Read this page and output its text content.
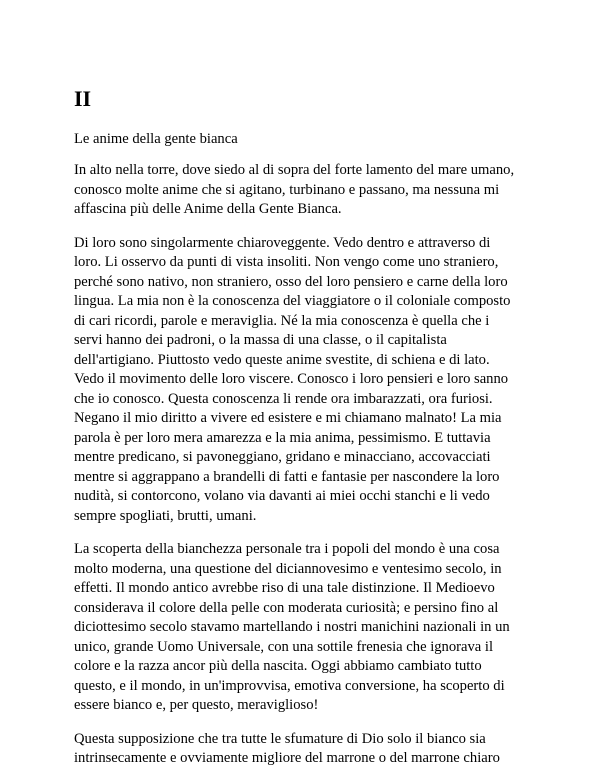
II

Le anime della gente bianca

In alto nella torre, dove siedo al di sopra del forte lamento del mare umano,
conosco molte anime che si agitano, turbinano e passano, ma nessuna mi
affascina più delle Anime della Gente Bianca.

Di loro sono singolarmente chiaroveggente. Vedo dentro e attraverso di
loro. Li osservo da punti di vista insoliti. Non vengo come uno straniero,
perché sono nativo, non straniero, osso del loro pensiero e carne della loro
lingua. La mia non è la conoscenza del viaggiatore o il coloniale composto
di cari ricordi, parole e meraviglia. Né la mia conoscenza è quella che i
servi hanno dei padroni, o la massa di una classe, o il capitalista
dell'artigiano. Piuttosto vedo queste anime svestite, di schiena e di lato.
Vedo il movimento delle loro viscere. Conosco i loro pensieri e loro sanno
che io conosco. Questa conoscenza li rende ora imbarazzati, ora furiosi.
Negano il mio diritto a vivere ed esistere e mi chiamano malnato! La mia
parola è per loro mera amarezza e la mia anima, pessimismo. E tuttavia
mentre predicano, si pavoneggiano, gridano e minacciano, accovacciati
mentre si aggrappano a brandelli di fatti e fantasie per nascondere la loro
nudità, si contorcono, volano via davanti ai miei occhi stanchi e li vedo
sempre spogliati, brutti, umani.

La scoperta della bianchezza personale tra i popoli del mondo è una cosa
molto moderna, una questione del diciannovesimo e ventesimo secolo, in
effetti. Il mondo antico avrebbe riso di una tale distinzione. Il Medioevo
considerava il colore della pelle con moderata curiosità; e persino fino al
diciottesimo secolo stavamo martellando i nostri manichini nazionali in un
unico, grande Uomo Universale, con una sottile frenesia che ignorava il
colore e la razza ancor più della nascita. Oggi abbiamo cambiato tutto
questo, e il mondo, in un'improvvisa, emotiva conversione, ha scoperto di
essere bianco e, per questo, meraviglioso!

Questa supposizione che tra tutte le sfumature di Dio solo il bianco sia
intrinsecamente e ovviamente migliore del marrone o del marrone chiaro
